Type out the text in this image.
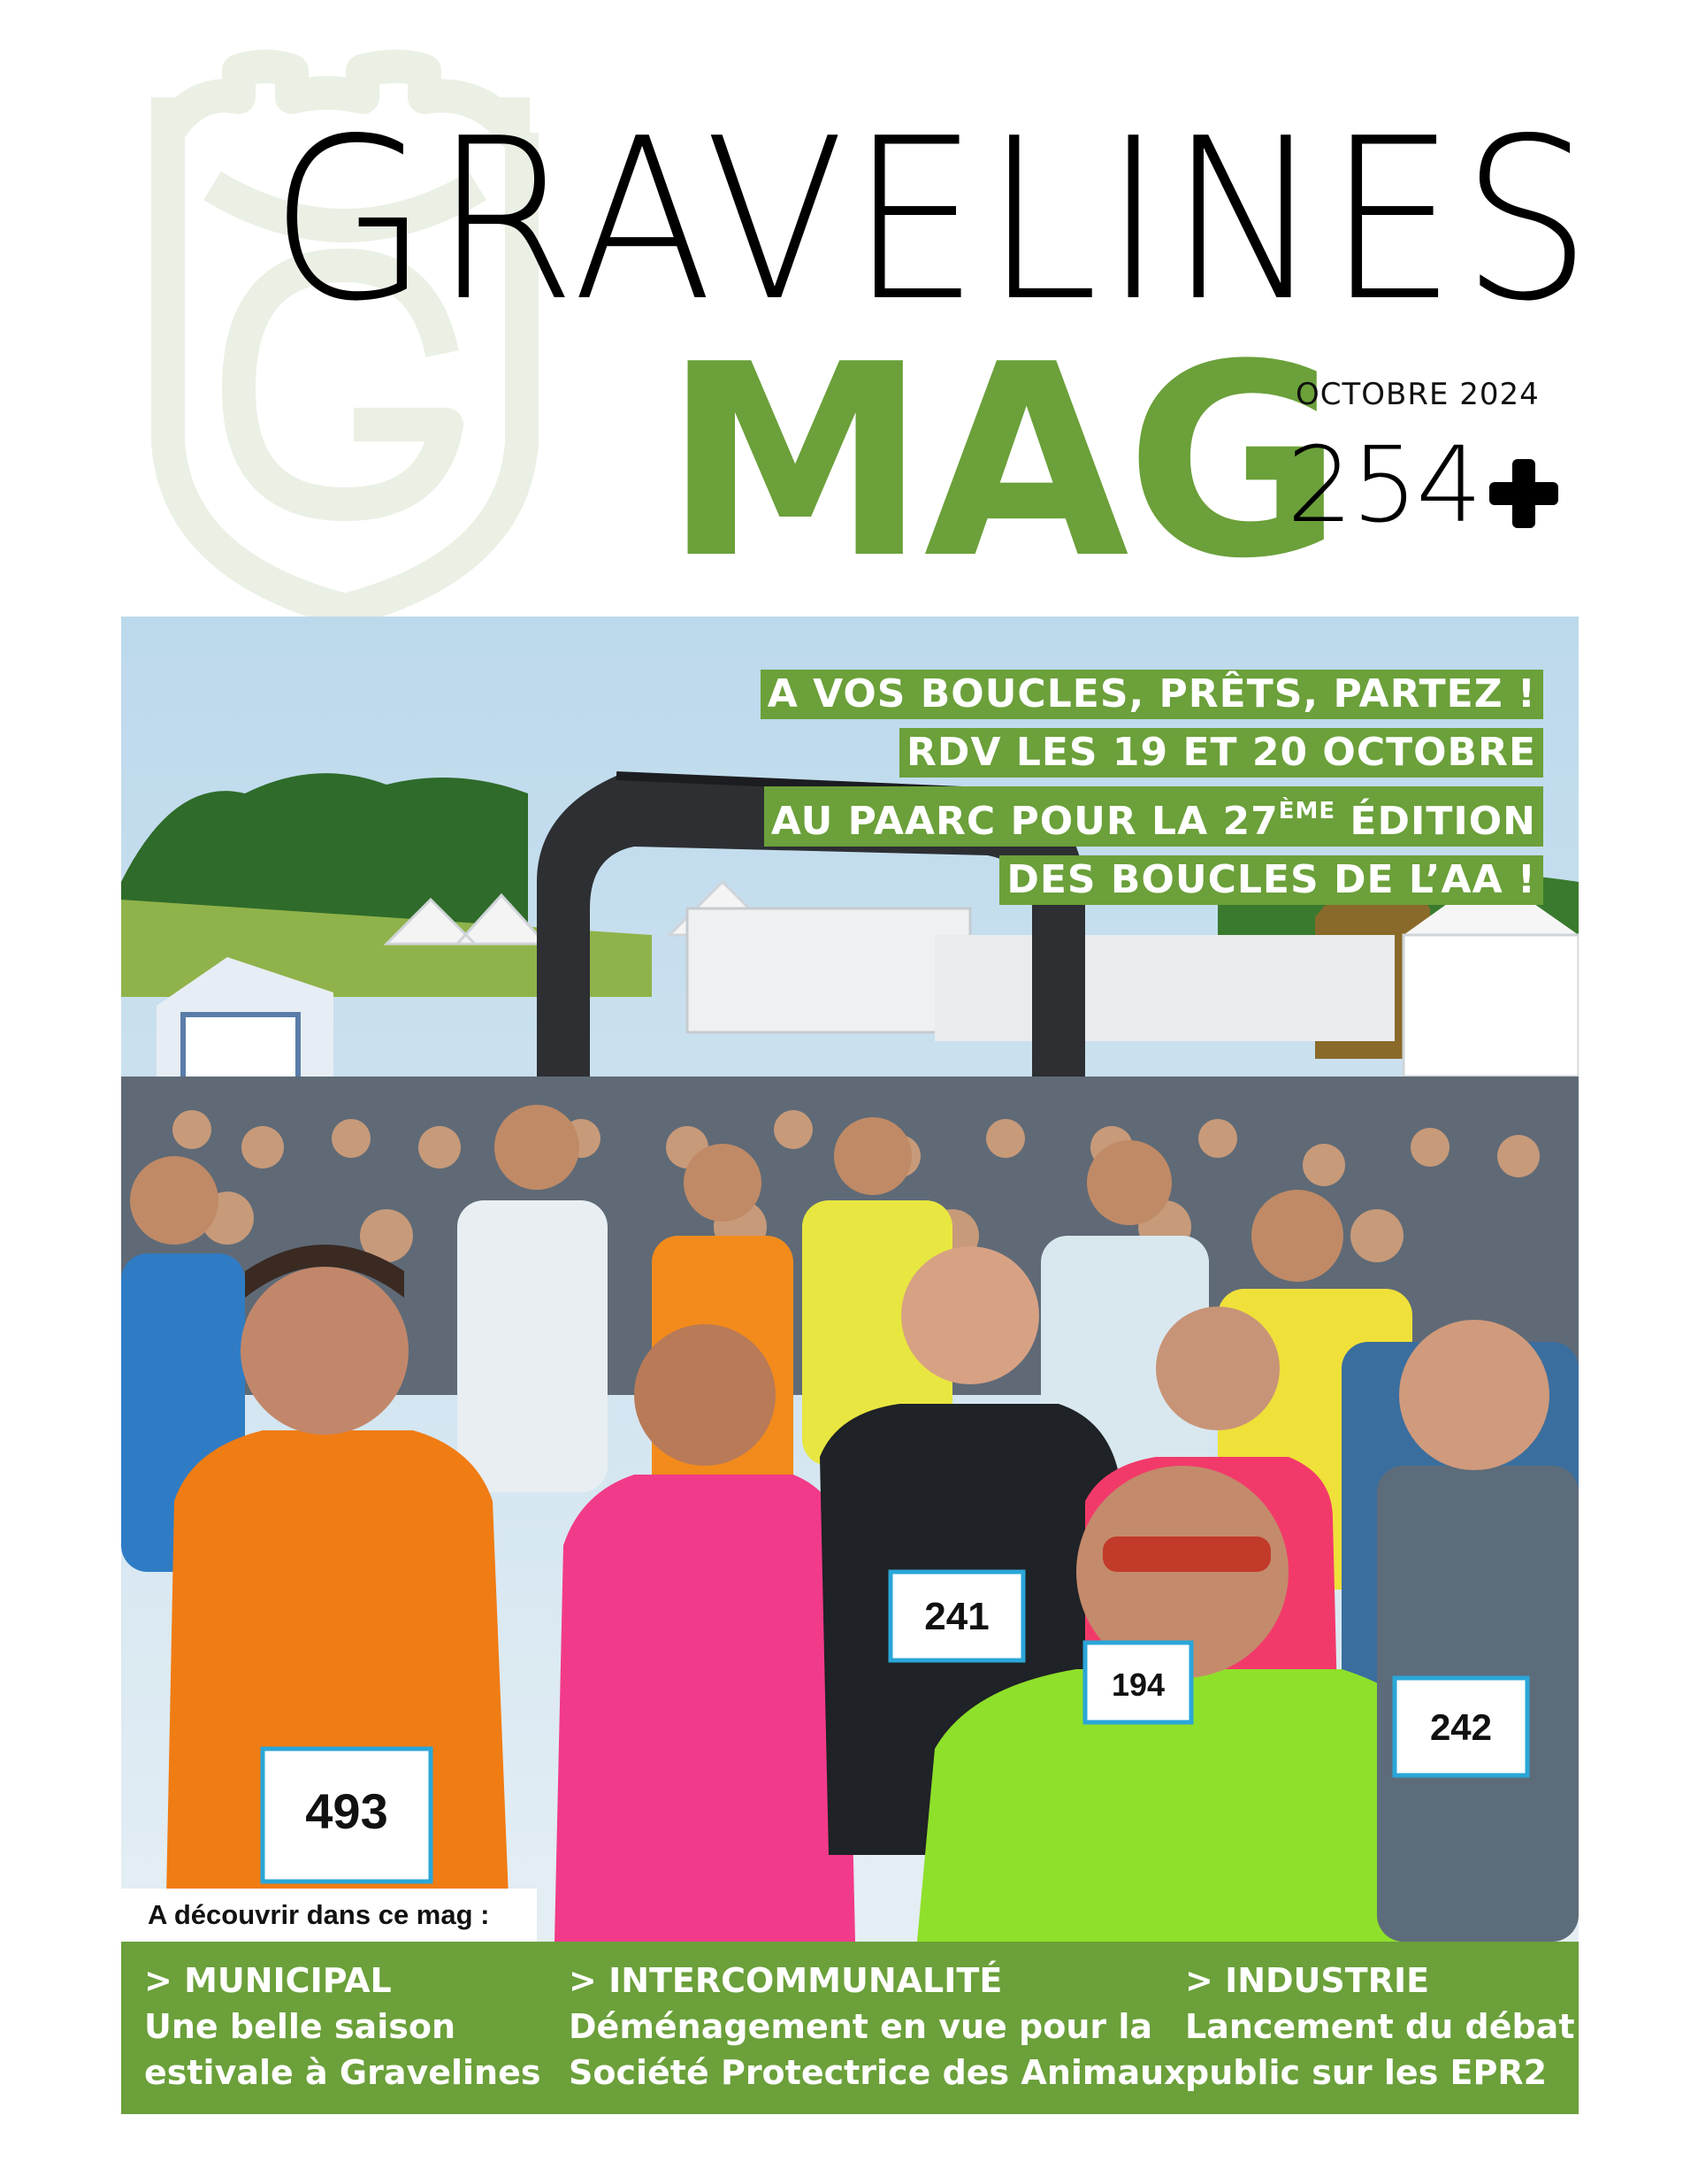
GRAVELINES
MAG
OCTOBRE 2024
254
493
241
194
242
A VOS BOUCLES, PRÊTS, PARTEZ !
RDV LES 19 ET 20 OCTOBRE
AU PAARC POUR LA 27ÈME ÉDITION
DES BOUCLES DE L’AA !
A découvrir dans ce mag :
> MUNICIPAL
Une belle saison
estivale à Gravelines
> INTERCOMMUNALITÉ
Déménagement en vue pour la
Société Protectrice des Animaux
> INDUSTRIE
Lancement du débat
public sur les EPR2
